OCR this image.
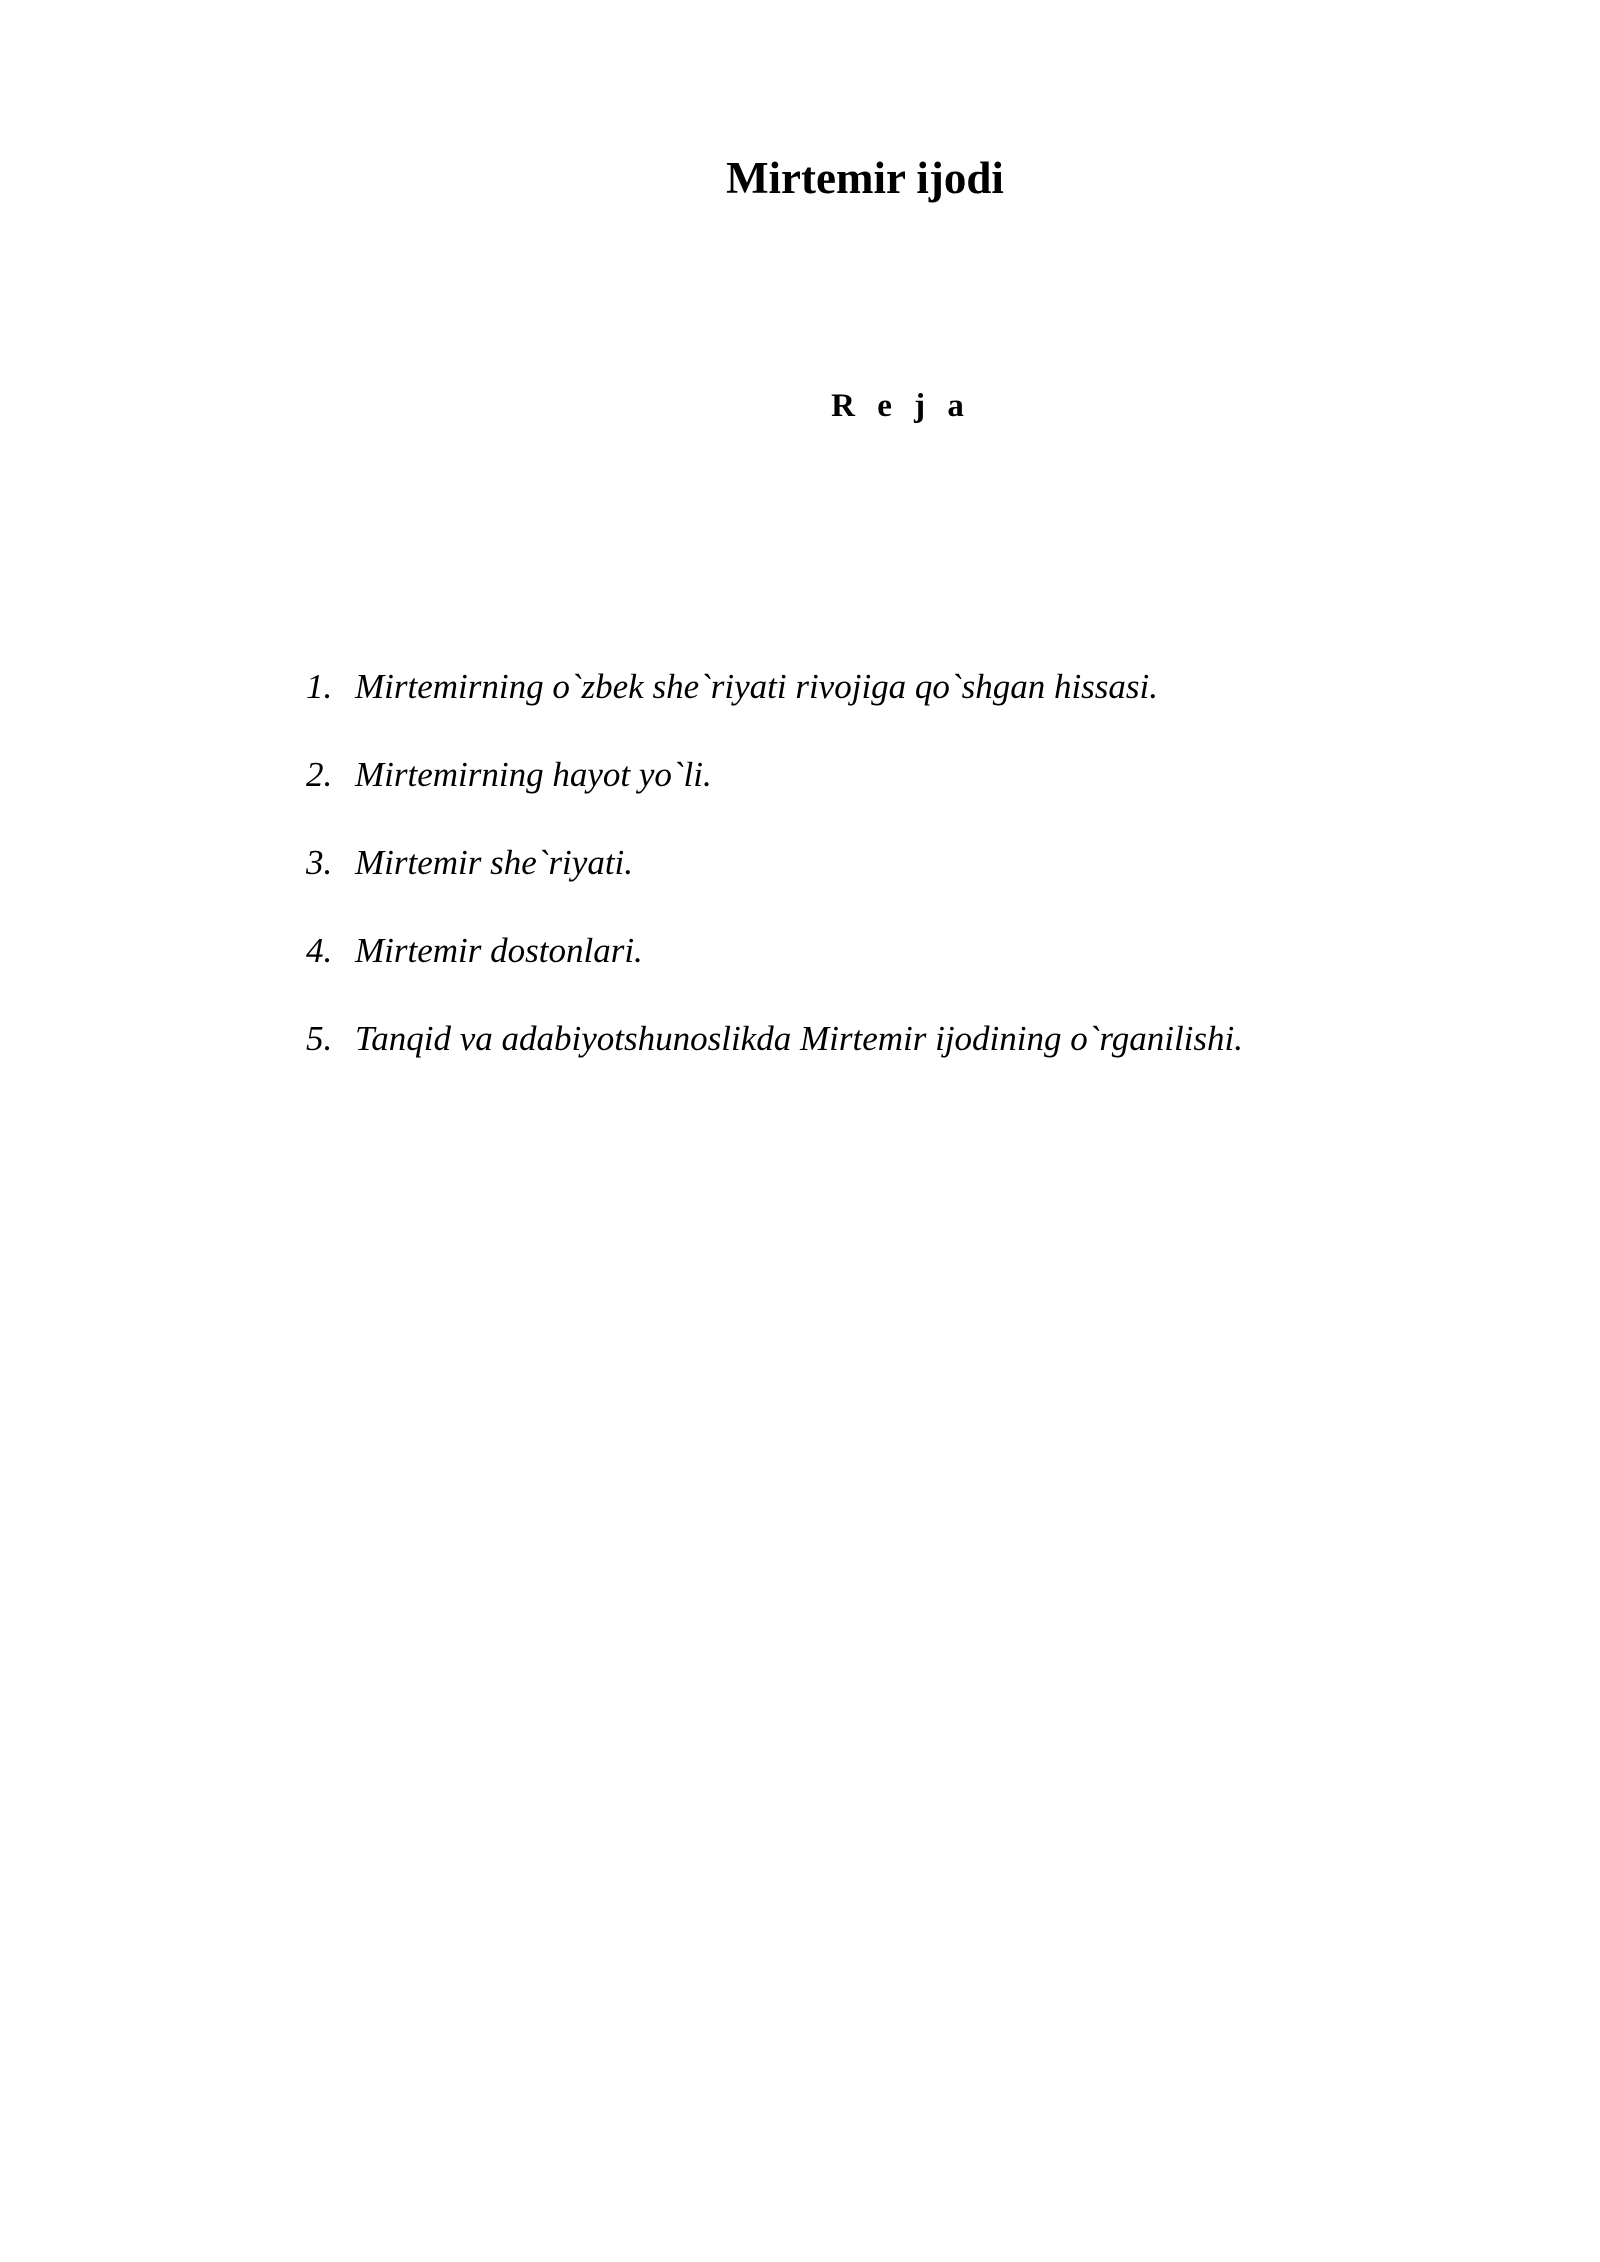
Mirtemir ijodi
R e j a
1. Mirtemirning o`zbek she`riyati rivojiga qo`shgan hissasi.
2. Mirtemirning hayot yo`li.
3. Mirtemir she`riyati.
4. Mirtemir dostonlari.
5. Tanqid va adabiyotshunoslikda Mirtemir ijodining o`rganilishi.
